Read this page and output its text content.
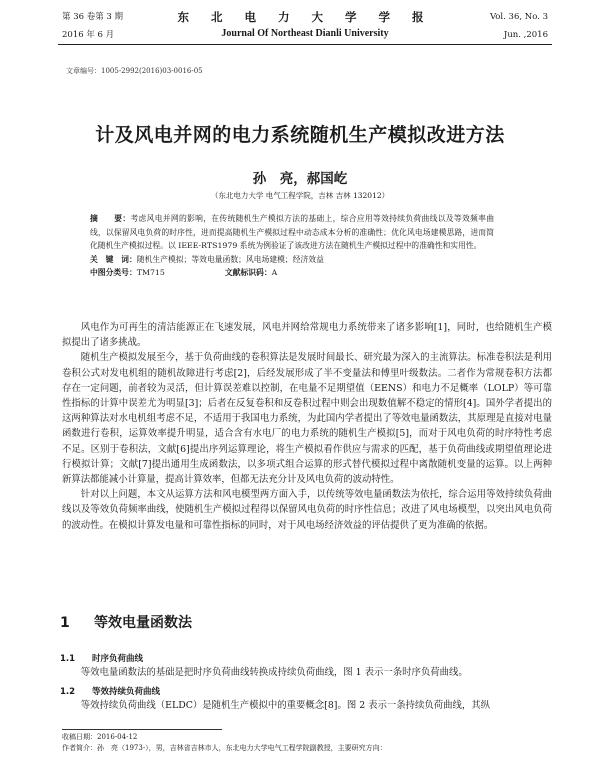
第 36 卷第 3 期
2016 年 6 月
东 北 电 力 大 学 学 报
Journal Of Northeast Dianli University
Vol. 36, No. 3
Jun. ,2016
文章编号：1005-2992(2016)03-0016-05
计及风电并网的电力系统随机生产模拟改进方法
孙　亮，郝国屹
（东北电力大学 电气工程学院，吉林 吉林 132012）
摘　　要：考虑风电并网的影响，在传统随机生产模拟方法的基础上，综合应用等效持续负荷曲线以及等效频率曲线，以保留风电负荷的时序性，进而提高随机生产模拟过程中动态成本分析的准确性；优化风电场建模思路，进而简化随机生产模拟过程。以 IEEE-RTS1979 系统为例验证了该改进方法在随机生产模拟过程中的准确性和实用性。
关　键　词：随机生产模拟；等效电量函数；风电场建模；经济效益
中图分类号：TM715	文献标识码：A

风电作为可再生的清洁能源正在飞速发展，风电并网给常规电力系统带来了诸多影响[1]，同时，也给随机生产模拟提出了诸多挑战。

随机生产模拟发展至今，基于负荷曲线的卷积算法是发展时间最长、研究最为深入的主流算法。标准卷积法是利用卷积公式对发电机组的随机故障进行考虑[2]，后经发展形成了半不变量法和傅里叶级数法。二者作为常规卷积方法都存在一定问题，前者较为灵活，但计算误差难以控制，在电量不足期望值（EENS）和电力不足概率（LOLP）等可靠性指标的计算中误差尤为明显[3]；后者在反复卷积和反卷积过程中则会出现数值解不稳定的情形[4]。国外学者提出的这两种算法对水电机组考虑不足，不适用于我国电力系统，为此国内学者提出了等效电量函数法，其原理是直接对电量函数进行卷积，运算效率提升明显，适合含有水电厂的电力系统的随机生产模拟[5]，而对于风电负荷的时序特性考虑不足。区别于卷积法，文献[6]提出序列运算理论，将生产模拟看作供应与需求的匹配，基于负荷曲线或期望值理论进行模拟计算；文献[7]提出通用生成函数法，以多项式组合运算的形式替代模拟过程中离散随机变量的运算。以上两种新算法都能减小计算量，提高计算效率，但都无法充分计及风电负荷的波动特性。

针对以上问题，本文从运算方法和风电模型两方面入手，以传统等效电量函数法为依托，综合运用等效持续负荷曲线以及等效负荷频率曲线，使随机生产模拟过程得以保留风电负荷的时序性信息；改进了风电场模型，以突出风电负荷的波动性。在模拟计算发电量和可靠性指标的同时，对于风电场经济效益的评估提供了更为准确的依据。

1 等效电量函数法
1.1 时序负荷曲线
等效电量函数法的基础是把时序负荷曲线转换成持续负荷曲线，图 1 表示一条时序负荷曲线。
1.2 等效持续负荷曲线
等效持续负荷曲线（ELDC）是随机生产模拟中的重要概念[8]。图 2 表示一条持续负荷曲线，其纵
收稿日期：2016-04-12
作者简介：孙　亮（1973-），男，吉林省吉林市人，东北电力大学电气工程学院副教授，主要研究方向：
